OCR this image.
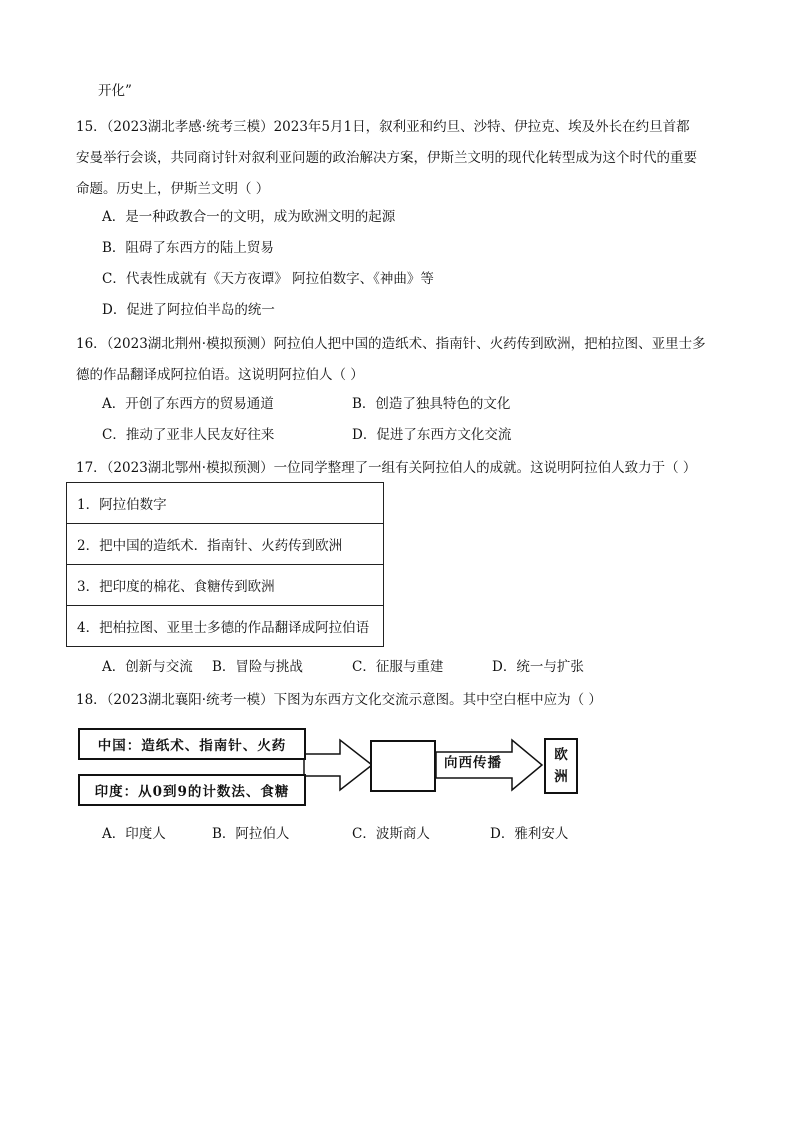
开化”
15．（2023湖北孝感·统考三模）2023年5月1日，叙利亚和约旦、沙特、伊拉克、埃及外长在约旦首都
安曼举行会谈，共同商讨针对叙利亚问题的政治解决方案，伊斯兰文明的现代化转型成为这个时代的重要
命题。历史上，伊斯兰文明（ ）
A．是一种政教合一的文明，成为欧洲文明的起源
B．阻碍了东西方的陆上贸易
C．代表性成就有《天方夜谭》 阿拉伯数字、《神曲》等
D．促进了阿拉伯半岛的统一
16．（2023湖北荆州·模拟预测）阿拉伯人把中国的造纸术、指南针、火药传到欧洲，把柏拉图、亚里士多
德的作品翻译成阿拉伯语。这说明阿拉伯人（ ）
A．开创了东西方的贸易通道	B．创造了独具特色的文化
C．推动了亚非人民友好往来	D．促进了东西方文化交流
17．（2023湖北鄂州·模拟预测）一位同学整理了一组有关阿拉伯人的成就。这说明阿拉伯人致力于（ ）
1．阿拉伯数字
2．把中国的造纸术．指南针、火药传到欧洲
3．把印度的棉花、食糖传到欧洲
4．把柏拉图、亚里士多德的作品翻译成阿拉伯语
A．创新与交流 B．冒险与挑战	C．征服与重建	D．统一与扩张
18．（2023湖北襄阳·统考一模）下图为东西方文化交流示意图。其中空白框中应为（ ）
中国：造纸术、指南针、火药
印度：从0到9的计数法、食糖
向西传播	欧
洲
A．印度人	B．阿拉伯人	C．波斯商人	D．雅利安人
